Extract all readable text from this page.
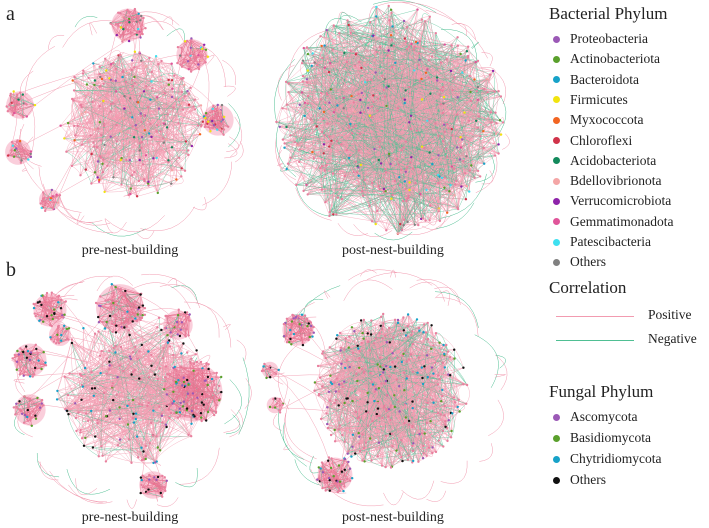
a
b
pre-nest-building	post-nest-building
pre-nest-building	post-nest-building
Bacterial Phylum
Proteobacteria
Actinobacteriota
Bacteroidota
Firmicutes
Myxococcota
Chloroflexi
Acidobacteriota
Bdellovibrionota
Verrucomicrobiota
Gemmatimonadota
Patescibacteria
Others
Correlation
Positive
Negative
Fungal Phylum
Ascomycota
Basidiomycota
Chytridiomycota
Others
